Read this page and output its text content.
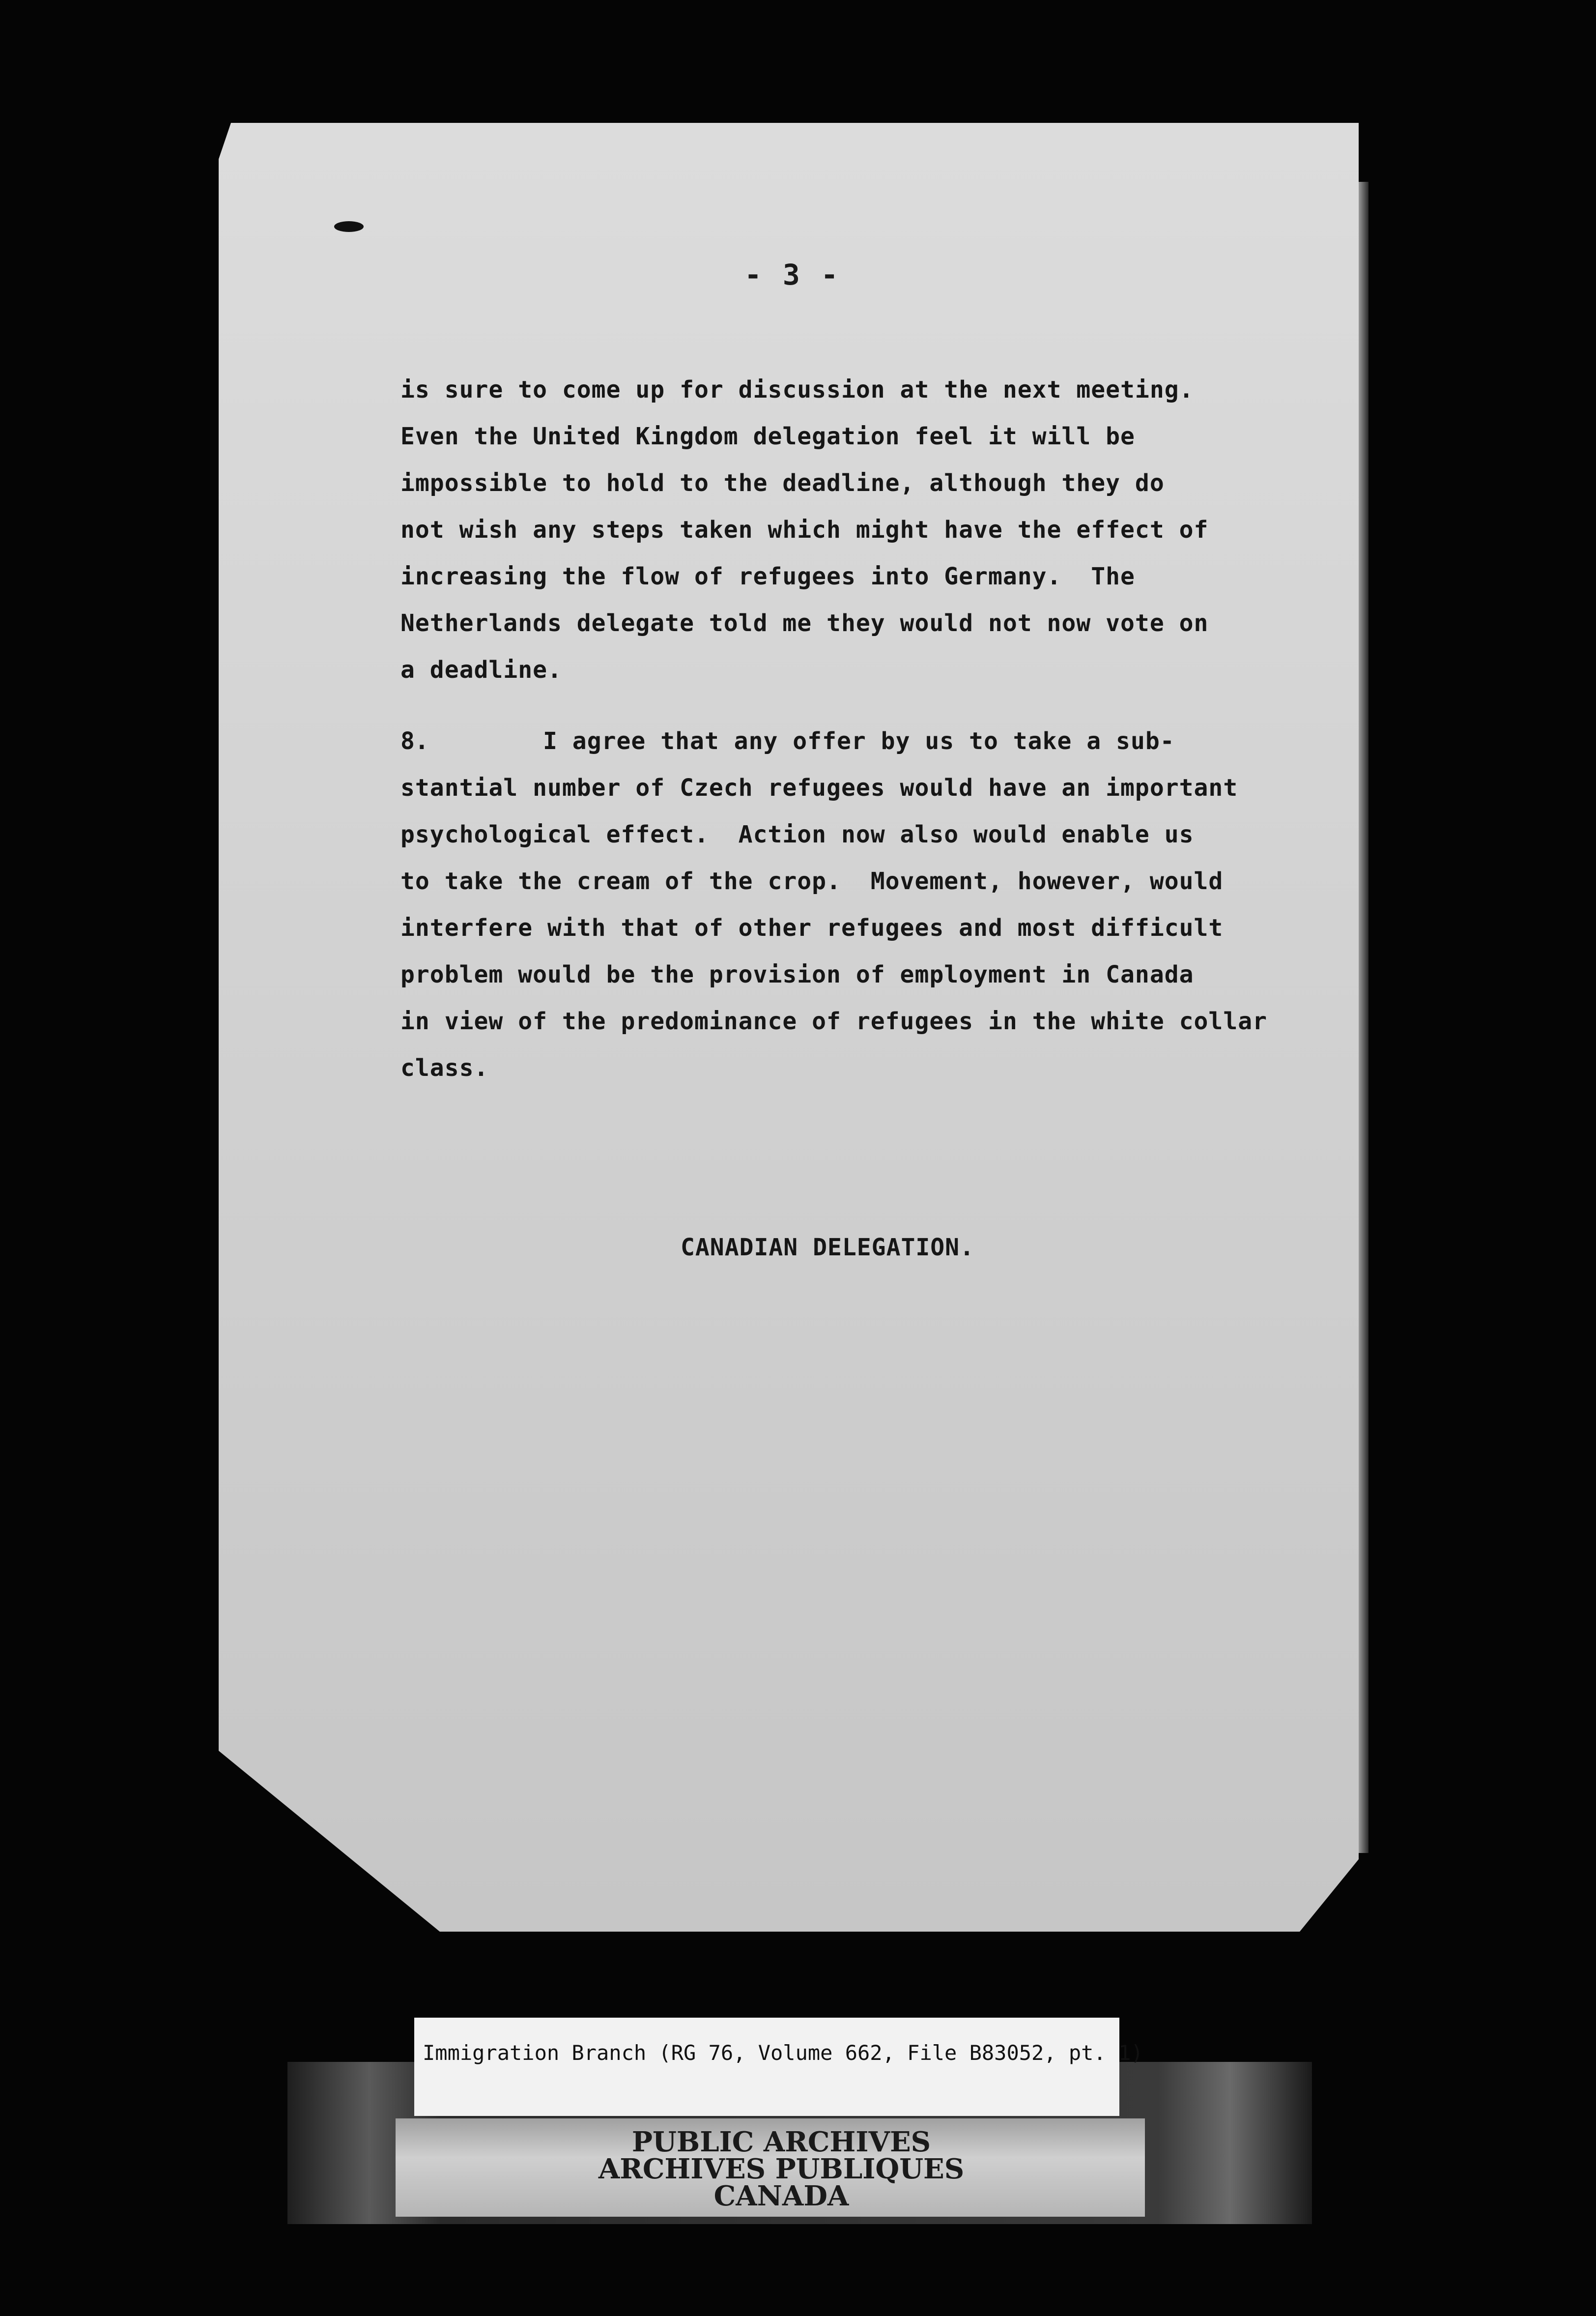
- 3 -
is sure to come up for discussion at the next meeting.
Even the United Kingdom delegation feel it will be
impossible to hold to the deadline, although they do
not wish any steps taken which might have the effect of
increasing the flow of refugees into Germany.  The
Netherlands delegate told me they would not now vote on
a deadline.
8.	I agree that any offer by us to take a sub-
stantial number of Czech refugees would have an important
psychological effect.  Action now also would enable us
to take the cream of the crop.  Movement, however, would
interfere with that of other refugees and most difficult
problem would be the provision of employment in Canada
in view of the predominance of refugees in the white collar
class.
CANADIAN DELEGATION.
PUBLIC ARCHIVES
ARCHIVES PUBLIQUES
CANADA
Immigration Branch (RG 76, Volume 662, File B83052, pt. 1)
